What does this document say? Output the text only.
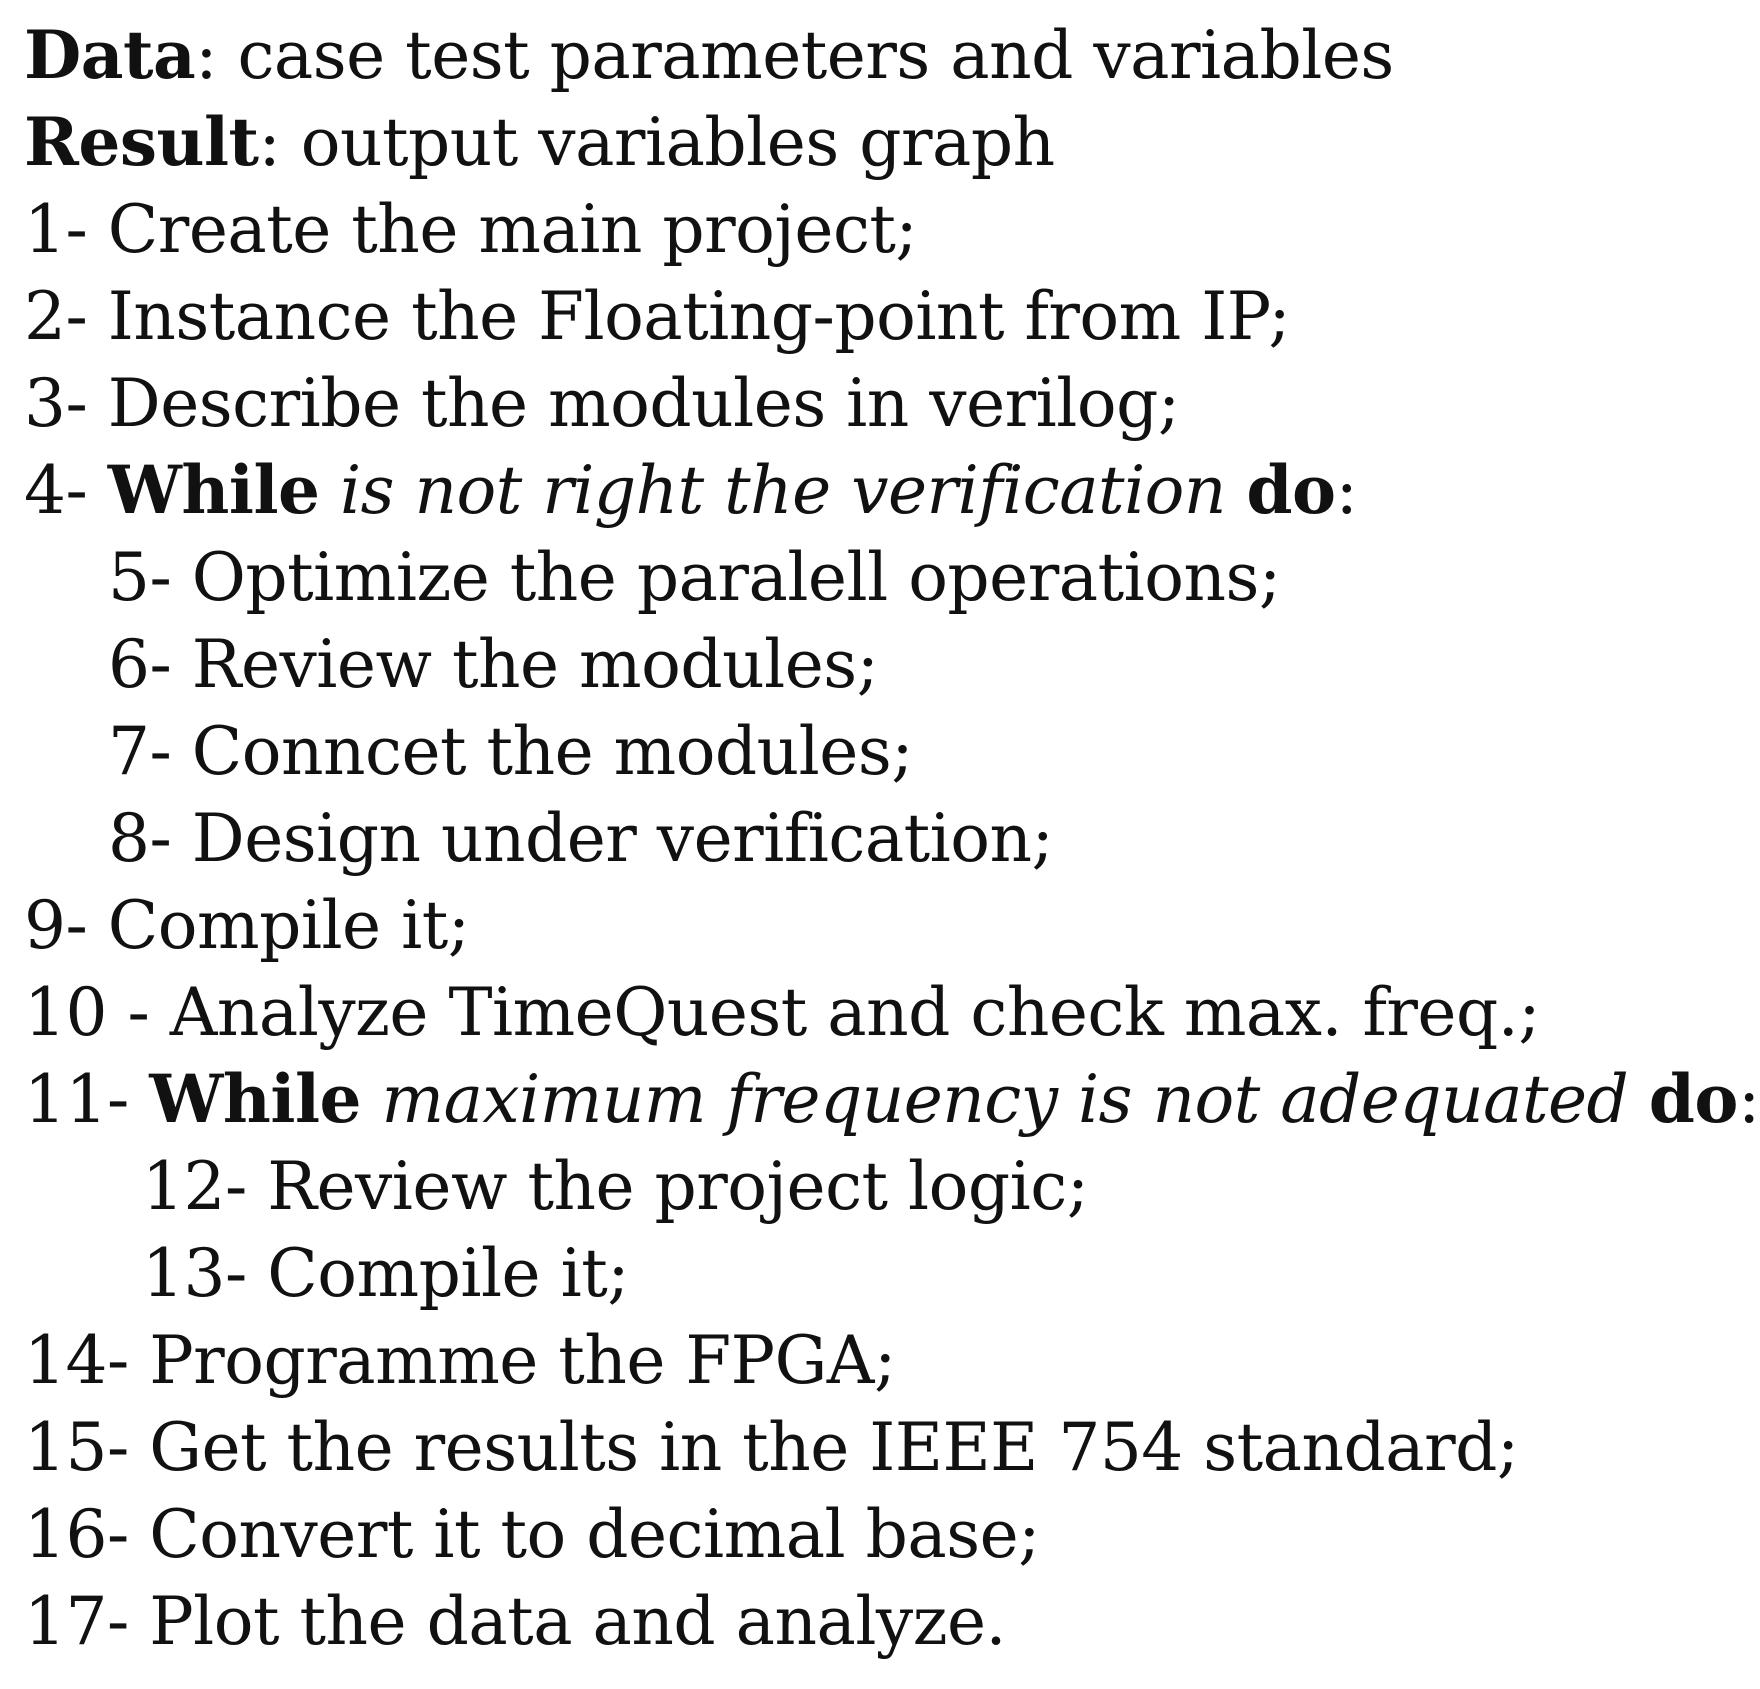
Data: case test parameters and variables
Result: output variables graph
1- Create the main project;
2- Instance the Floating-point from IP;
3- Describe the modules in verilog;
4- While is not right the verification do:
5- Optimize the paralell operations;
6- Review the modules;
7- Conncet the modules;
8- Design under verification;
9- Compile it;
10 - Analyze TimeQuest and check max. freq.;
11- While maximum frequency is not adequated do:
12- Review the project logic;
13- Compile it;
14- Programme the FPGA;
15- Get the results in the IEEE 754 standard;
16- Convert it to decimal base;
17- Plot the data and analyze.
